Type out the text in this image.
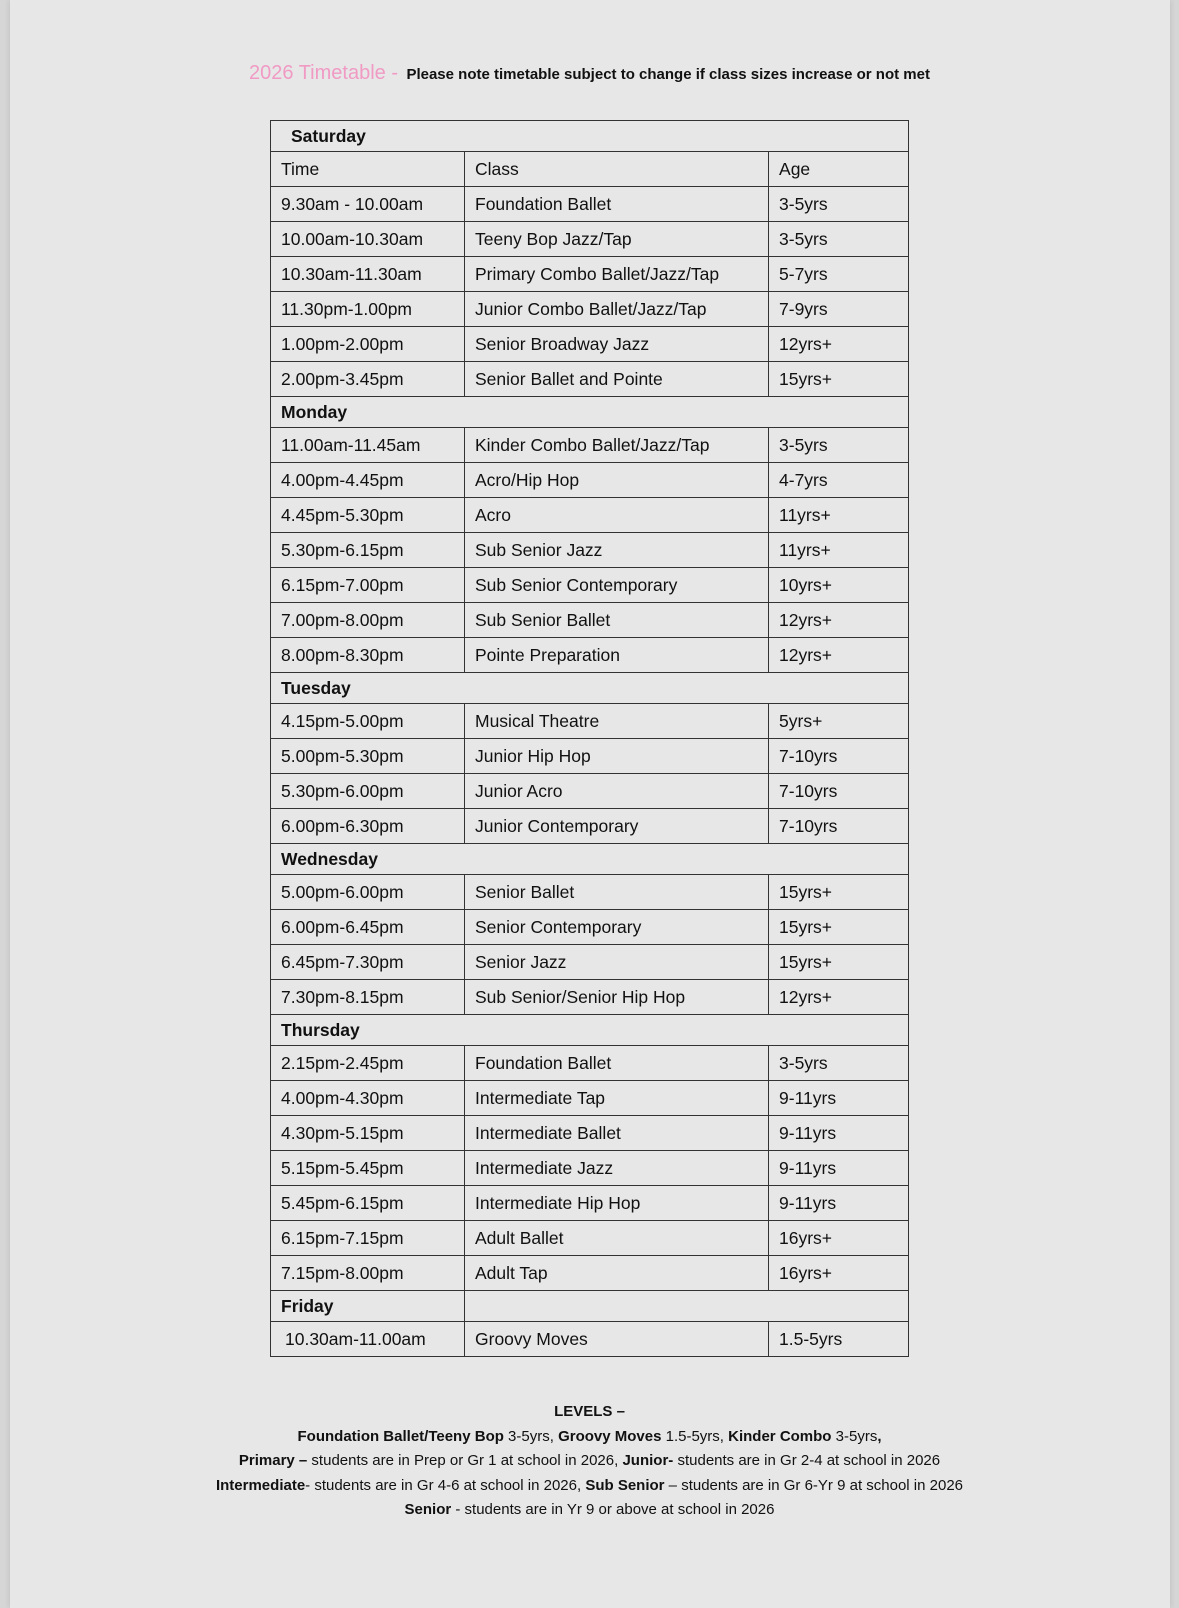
2026 Timetable - Please note timetable subject to change if class sizes increase or not met
Saturday		
Time	Class	Age
9.30am - 10.00am	Foundation Ballet	3-5yrs
10.00am-10.30am	Teeny Bop Jazz/Tap	3-5yrs
10.30am-11.30am	Primary Combo Ballet/Jazz/Tap	5-7yrs
11.30pm-1.00pm	Junior Combo Ballet/Jazz/Tap	7-9yrs
1.00pm-2.00pm	Senior Broadway Jazz	12yrs+
2.00pm-3.45pm	Senior Ballet and Pointe	15yrs+
Monday		
11.00am-11.45am	Kinder Combo Ballet/Jazz/Tap	3-5yrs
4.00pm-4.45pm	Acro/Hip Hop	4-7yrs
4.45pm-5.30pm	Acro	11yrs+
5.30pm-6.15pm	Sub Senior Jazz	11yrs+
6.15pm-7.00pm	Sub Senior Contemporary	10yrs+
7.00pm-8.00pm	Sub Senior Ballet	12yrs+
8.00pm-8.30pm	Pointe Preparation	12yrs+
Tuesday		
4.15pm-5.00pm	Musical Theatre	5yrs+
5.00pm-5.30pm	Junior Hip Hop	7-10yrs
5.30pm-6.00pm	Junior Acro	7-10yrs
6.00pm-6.30pm	Junior Contemporary	7-10yrs
Wednesday		
5.00pm-6.00pm	Senior Ballet	15yrs+
6.00pm-6.45pm	Senior Contemporary	15yrs+
6.45pm-7.30pm	Senior Jazz	15yrs+
7.30pm-8.15pm	Sub Senior/Senior Hip Hop	12yrs+
Thursday		
2.15pm-2.45pm	Foundation Ballet	3-5yrs
4.00pm-4.30pm	Intermediate Tap	9-11yrs
4.30pm-5.15pm	Intermediate Ballet	9-11yrs
5.15pm-5.45pm	Intermediate Jazz	9-11yrs
5.45pm-6.15pm	Intermediate Hip Hop	9-11yrs
6.15pm-7.15pm	Adult Ballet	16yrs+
7.15pm-8.00pm	Adult Tap	16yrs+
Friday		
10.30am-11.00am	Groovy Moves	1.5-5yrs
LEVELS –
Foundation Ballet/Teeny Bop 3-5yrs, Groovy Moves 1.5-5yrs, Kinder Combo 3-5yrs,
Primary – students are in Prep or Gr 1 at school in 2026, Junior- students are in Gr 2-4 at school in 2026
Intermediate- students are in Gr 4-6 at school in 2026, Sub Senior – students are in Gr 6-Yr 9 at school in 2026
Senior - students are in Yr 9 or above at school in 2026
